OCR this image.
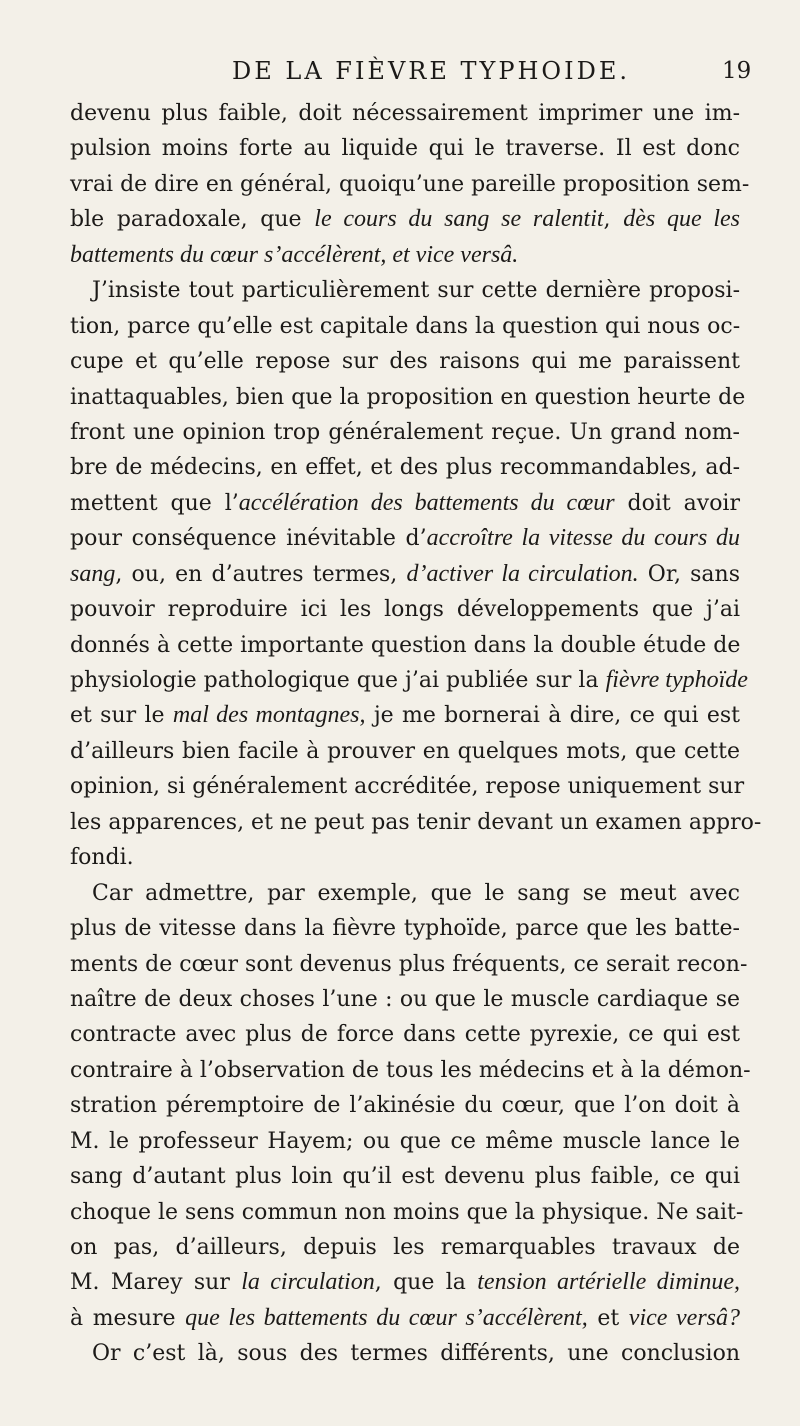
DE LA FIÈVRE TYPHOIDE.	19
devenu plus faible, doit nécessairement imprimer une im-
pulsion moins forte au liquide qui le traverse. Il est donc
vrai de dire en général, quoiqu’une pareille proposition sem-
ble paradoxale, que le cours du sang se ralentit, dès que les
battements du cœur s’accélèrent, et vice versâ.
J’insiste tout particulièrement sur cette dernière proposi-
tion, parce qu’elle est capitale dans la question qui nous oc-
cupe et qu’elle repose sur des raisons qui me paraissent
inattaquables, bien que la proposition en question heurte de
front une opinion trop généralement reçue. Un grand nom-
bre de médecins, en effet, et des plus recommandables, ad-
mettent que l’accélération des battements du cœur doit avoir
pour conséquence inévitable d’accroître la vitesse du cours du
sang, ou, en d’autres termes, d’activer la circulation. Or, sans
pouvoir reproduire ici les longs développements que j’ai
donnés à cette importante question dans la double étude de
physiologie pathologique que j’ai publiée sur la fièvre typhoïde
et sur le mal des montagnes, je me bornerai à dire, ce qui est
d’ailleurs bien facile à prouver en quelques mots, que cette
opinion, si généralement accréditée, repose uniquement sur
les apparences, et ne peut pas tenir devant un examen appro-
fondi.
Car admettre, par exemple, que le sang se meut avec
plus de vitesse dans la fièvre typhoïde, parce que les batte-
ments de cœur sont devenus plus fréquents, ce serait recon-
naître de deux choses l’une : ou que le muscle cardiaque se
contracte avec plus de force dans cette pyrexie, ce qui est
contraire à l’observation de tous les médecins et à la démon-
stration péremptoire de l’akinésie du cœur, que l’on doit à
M. le professeur Hayem; ou que ce même muscle lance le
sang d’autant plus loin qu’il est devenu plus faible, ce qui
choque le sens commun non moins que la physique. Ne sait-
on pas, d’ailleurs, depuis les remarquables travaux de
M. Marey sur la circulation, que la tension artérielle diminue,
à mesure que les battements du cœur s’accélèrent, et vice versâ?
Or c’est là, sous des termes différents, une conclusion
